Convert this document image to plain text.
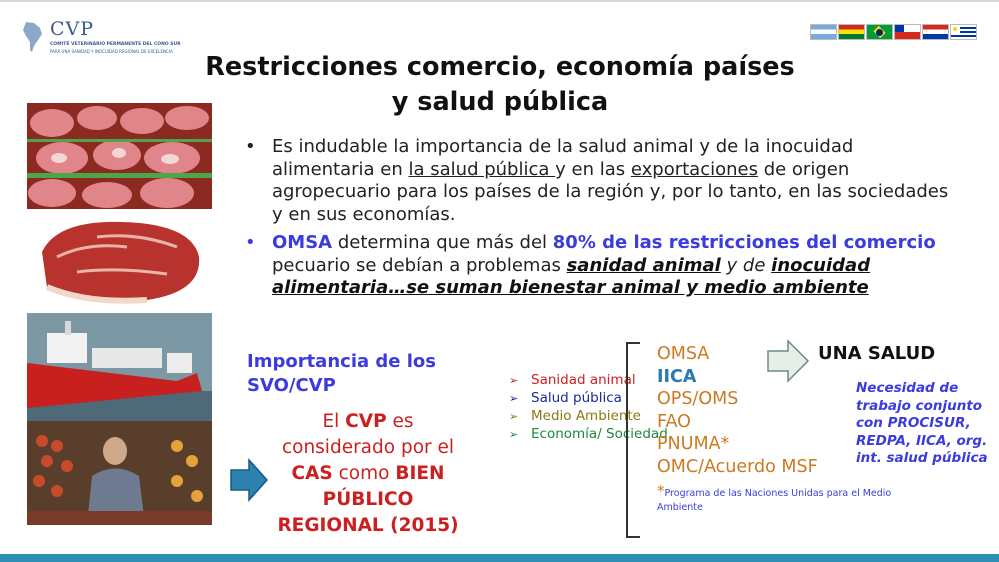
CVP
COMITÉ VETERINARIO PERMANENTE DEL CONO SUR
PARA UNA SANIDAD Y INOCUIDAD REGIONAL DE EXCELENCIA
Restricciones comercio, economía países
y salud pública
• Es indudable la importancia de la salud animal y de la inocuidad alimentaria en la salud pública y en las exportaciones de origen agropecuario para los países de la región y, por lo tanto, en las sociedades y en sus economías.
• OMSA determina que más del 80% de las restricciones del comercio pecuario se debían a problemas sanidad animal y de inocuidad alimentaria…se suman bienestar animal y medio ambiente
Importancia de los
SVO/CVP
El CVP es considerado por el CAS como BIEN PÚBLICO REGIONAL (2015)
➢ Sanidad animal
➢ Salud pública
➢ Medio Ambiente
➢ Economía/ Sociedad
OMSA
IICA
OPS/OMS
FAO
PNUMA*
OMC/Acuerdo MSF
*Programa de las Naciones Unidas para el Medio Ambiente
UNA SALUD
Necesidad de trabajo conjunto con PROCISUR, REDPA, IICA, org. int. salud pública
